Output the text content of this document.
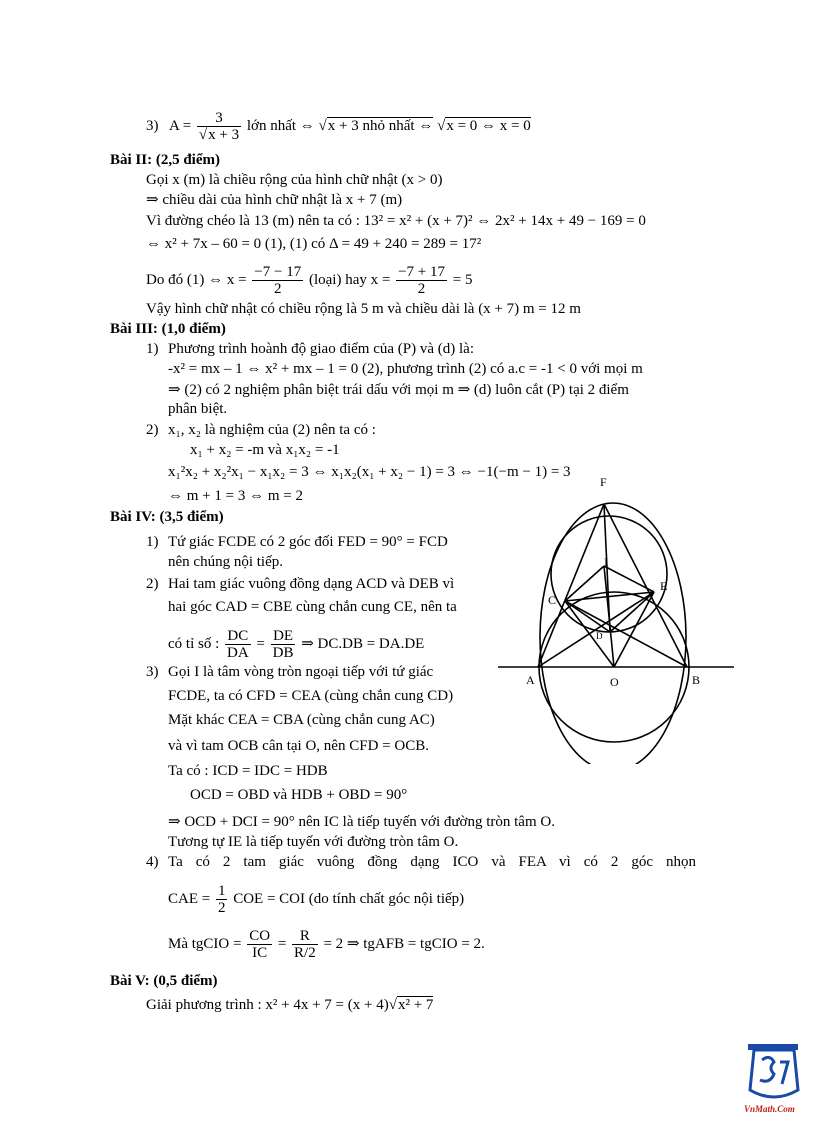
3) $A = \frac{3}{√x + 3}$ lớn nhất ⇔ √x + 3 nhỏ nhất ⇔ √x = 0 ⇔ x = 0
Bài II: (2,5 điểm)
Gọi x (m) là chiều rộng của hình chữ nhật (x > 0)
⇒ chiều dài của hình chữ nhật là x + 7 (m)
Vì đường chéo là 13 (m) nên ta có : 13² = x² + (x + 7)² ⇔ 2x² + 14x + 49 − 169 = 0
⇔ x² + 7x – 60 = 0 (1), (1) có Δ = 49 + 240 = 289 = 17²
Do đó (1) ⇔ $x = \frac{-7 - 17}{2}$ (loại) hay $x = \frac{-7 + 17}{2} = 5$
Vậy hình chữ nhật có chiều rộng là 5 m và chiều dài là (x + 7) m = 12 m
Bài III: (1,0 điểm)
1) Phương trình hoành độ giao điểm của (P) và (d) là:
-x² = mx – 1 ⇔ x² + mx – 1 = 0 (2), phương trình (2) có a.c = -1 < 0 với mọi m
⇒ (2) có 2 nghiệm phân biệt trái dấu với mọi m ⇒ (d) luôn cắt (P) tại 2 điểm
phân biệt.
2) x₁, x₂ là nghiệm của (2) nên ta có :
x₁ + x₂ = -m và x₁x₂ = -1
x₁²x₂ + x₂²x₁ − x₁x₂ = 3 ⇔ x₁x₂(x₁ + x₂ − 1) = 3 ⇔ −1(−m − 1) = 3
⇔ m + 1 = 3 ⇔ m = 2
Bài IV: (3,5 điểm)
1) Tứ giác FCDE có 2 góc đối FED = 90° = FCD
nên chúng nội tiếp.
2) Hai tam giác vuông đồng dạng ACD và DEB vì
hai góc CAD = CBE cùng chắn cung CE, nên ta
có tỉ số : $\frac{DC}{DA} = \frac{DE}{DB}$ ⇒ DC.DB = DA.DE
3) Gọi I là tâm vòng tròn ngoại tiếp với tứ giác
FCDE, ta có CFD = CEA (cùng chắn cung CD)
Mặt khác CEA = CBA (cùng chắn cung AC)
và vì tam OCB cân tại O, nên CFD = OCB.
Ta có : ICD = IDC = HDB
OCD = OBD và HDB + OBD = 90°
⇒ OCD + DCI = 90° nên IC là tiếp tuyến với đường tròn tâm O.
Tương tự IE là tiếp tuyến với đường tròn tâm O.
4) Ta có 2 tam giác vuông đồng dạng ICO và FEA vì có 2 góc nhọn
CAE = $\frac{1}{2}$ COE = COI (do tính chất góc nội tiếp)
Mà tgCIO = $\frac{CO}{IC} = \frac{R}{R/2} = 2$ ⇒ tgAFB = tgCIO = 2.
Bài V: (0,5 điểm)
Giải phương trình : x² + 4x + 7 = (x + 4)√x² + 7
F
I
E
C
D
A	O	B
VnMath.Com
